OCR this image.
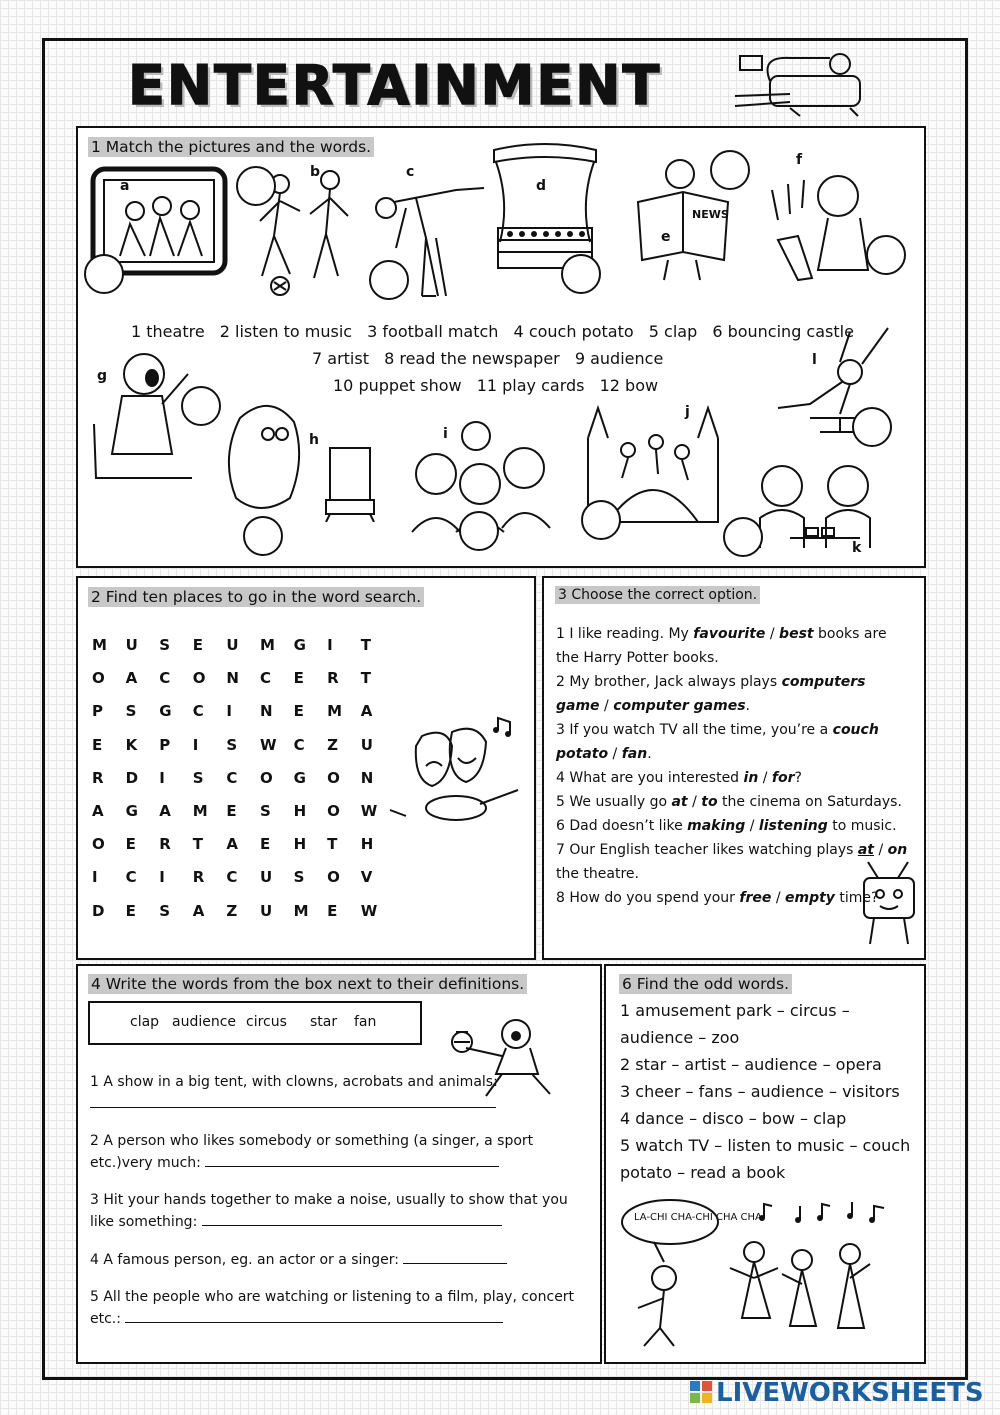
ENTERTAINMENT
1 Match the pictures and the words.
a
b	c
d
NEWS
e
f
1 theatre 2 listen to music 3 football match 4 couch potato 5 clap 6 bouncing castle
7 artist 8 read the newspaper 9 audience
10 puppet show 11 play cards 12 bow
g
h	i
j
l
k
2 Find ten places to go in the word search.
M U S E U M G I T
O A C O N C E R T
P S G C I N E M A
E K P I S W C Z U
R D I S C O G O N
A G A M E S H O W
O E R T A E H T H
I C I R C U S O V
D E S A Z U M E W
3 Choose the correct option.

1 I like reading. My favourite / best books are the Harry Potter books.

2 My brother, Jack always plays computers game / computer games.

3 If you watch TV all the time, you’re a couch potato / fan.

4 What are you interested in / for?

5 We usually go at / to the cinema on Saturdays.

6 Dad doesn’t like making / listening to music.

7 Our English teacher likes watching plays at / on the theatre.

8 How do you spend your free / empty time?

4 Write the words from the box next to their definitions.
clap audience circus star fan

1 A show in a big tent, with clowns, acrobats and animals:

2 A person who likes somebody or something (a singer, a sport etc.)very much:

3 Hit your hands together to make a noise, usually to show that you like something:

4 A famous person, eg. an actor or a singer:

5 All the people who are watching or listening to a film, play, concert etc.:

6 Find the odd words.

1 amusement park – circus – audience – zoo

2 star – artist – audience – opera

3 cheer – fans – audience – visitors

4 dance – disco – bow – clap

5 watch TV – listen to music – couch potato – read a book

LA-CHI CHA-CHI CHA CHA!
LIVEWORKSHEETS
